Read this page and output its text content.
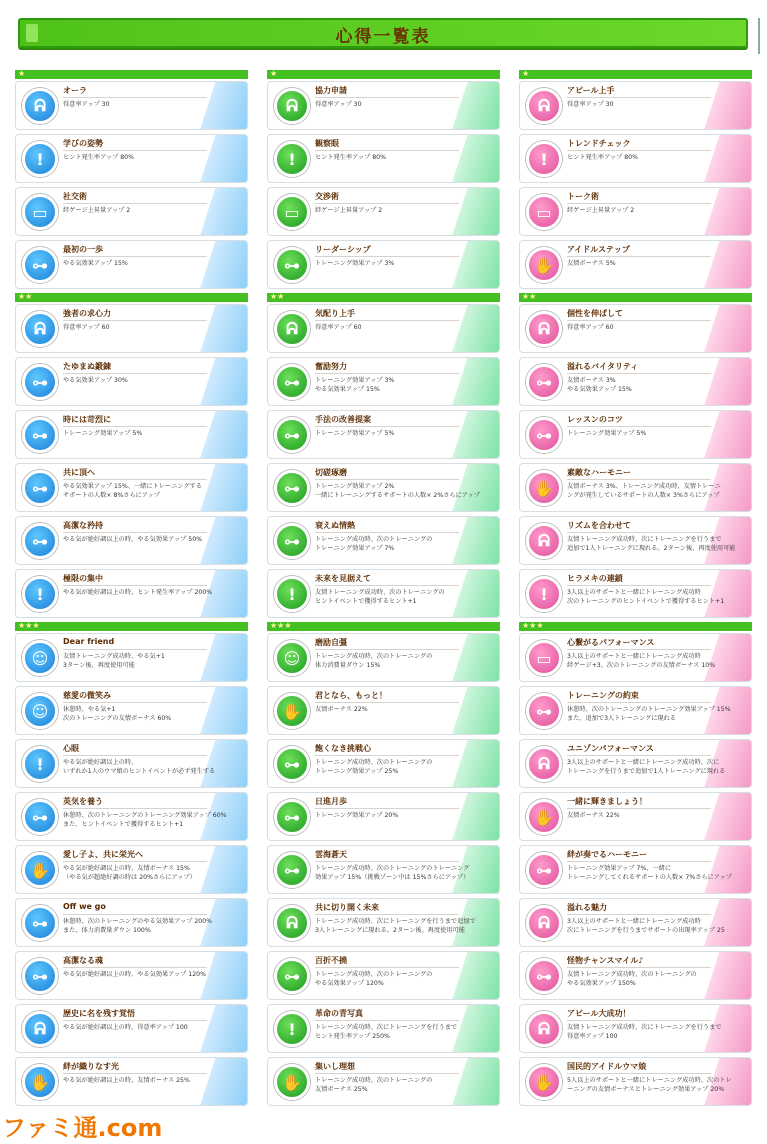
心得一覧表
★
ᕱ
オーラ
得意率アップ 30
!
学びの姿勢
ヒント発生率アップ 80%
▭
社交術
絆ゲージ上昇量アップ 2
⊶
最初の一歩
やる気効果アップ 15%
★★
ᕱ
強者の求心力
得意率アップ 60
⊶
たゆまぬ鍛錬
やる気効果アップ 30%
⊶
時には苛烈に
トレーニング効果アップ 5%
⊶
共に頂へ
やる気効果アップ 15%、一緒にトレーニングする
サポートの人数× 8%さらにアップ
⊶
高潔な矜持
やる気が絶好調以上の時、やる気効果アップ 50%
!
極限の集中
やる気が絶好調以上の時、ヒント発生率アップ 200%
★★★
☺
Dear friend
友情トレーニング成功時、やる気+1
3ターン後、再度使用可能
☺
慈愛の微笑み
休憩時、やる気+1
次のトレーニングの友情ボーナス 60%
!
心眼
やる気が絶好調以上の時、
いずれか1人のウマ娘のヒントイベントが必ず発生する
⊶
英気を養う
休憩時、次のトレーニングのトレーニング効果アップ 60%
また、ヒントイベントで獲得するヒント+1
✋
愛し子よ、共に栄光へ
やる気が絶好調以上の時、友情ボーナス 15%
（やる気が超絶好調の時は 20%さらにアップ）
⊶
Off we go
休憩時、次のトレーニングのやる気効果アップ 200%
また、体力消費量ダウン 100%
⊶
高潔なる魂
やる気が絶好調以上の時、やる気効果アップ 120%
ᕱ
歴史に名を残す覚悟
やる気が絶好調以上の時、得意率アップ 100
✋
絆が織りなす光
やる気が絶好調以上の時、友情ボーナス 25%
★
ᕱ
協力申請
得意率アップ 30
!
観察眼
ヒント発生率アップ 80%
▭
交渉術
絆ゲージ上昇量アップ 2
⊶
リーダーシップ
トレーニング効果アップ 3%
★★
ᕱ
気配り上手
得意率アップ 60
⊶
奮励努力
トレーニング効果アップ 3%
やる気効果アップ 15%
⊶
手法の改善提案
トレーニング効果アップ 5%
⊶
切磋琢磨
トレーニング効果アップ 2%
一緒にトレーニングするサポートの人数× 2%さらにアップ
⊶
衰えぬ情熱
トレーニング成功時、次のトレーニングの
トレーニング効果アップ 7%
!
未来を見据えて
友情トレーニング成功時、次のトレーニングの
ヒントイベントで獲得するヒント+1
★★★
☺
磨励自彊
トレーニング成功時、次のトレーニングの
体力消費量ダウン 15%
✋
君となら、もっと！
友情ボーナス 22%
⊶
飽くなき挑戦心
トレーニング成功時、次のトレーニングの
トレーニング効果アップ 25%
⊶
日進月歩
トレーニング効果アップ 20%
⊶
雲海蒼天
トレーニング成功時、次のトレーニングのトレーニング
効果アップ 15%（挑戦ゾーン中は 15%さらにアップ）
ᕱ
共に切り開く未来
トレーニング成功時、次にトレーニングを行うまで追加で
3人トレーニングに現れる。2ターン後、再度使用可能
⊶
百折不撓
トレーニング成功時、次のトレーニングの
やる気効果アップ 120%
!
革命の青写真
トレーニング成功時、次にトレーニングを行うまで
ヒント発生率アップ 250%
✋
集いし理想
トレーニング成功時、次のトレーニングの
友情ボーナス 25%
★
ᕱ
アピール上手
得意率アップ 30
!
トレンドチェック
ヒント発生率アップ 80%
▭
トーク術
絆ゲージ上昇量アップ 2
✋
アイドルステップ
友情ボーナス 5%
★★
ᕱ
個性を伸ばして
得意率アップ 60
⊶
溢れるバイタリティ
友情ボーナス 3%
やる気効果アップ 15%
⊶
レッスンのコツ
トレーニング効果アップ 5%
✋
素敵なハーモニー
友情ボーナス 3%、トレーニング成功時、友情トレーニ
ングが発生しているサポートの人数× 3%さらにアップ
ᕱ
リズムを合わせて
友情トレーニング成功時、次にトレーニングを行うまで
追加で1人トレーニングに現れる。2ターン後、再度使用可能
!
ヒラメキの連鎖
3人以上のサポートと一緒にトレーニング成功時
次のトレーニングのヒントイベントで獲得するヒント+1
★★★
▭
心繋がるパフォーマンス
3人以上のサポートと一緒にトレーニング成功時
絆ゲージ+3、次のトレーニングの友情ボーナス 10%
⊶
トレーニングの約束
休憩時、次のトレーニングのトレーニング効果アップ 15%
また、追加で3人トレーニングに現れる
ᕱ
ユニゾンパフォーマンス
3人以上のサポートと一緒にトレーニング成功時、次に
トレーニングを行うまで追加で1人トレーニングに現れる
✋
一緒に輝きましょう！
友情ボーナス 22%
⊶
絆が奏でるハーモニー
トレーニング効果アップ 7%、一緒に
トレーニングしてくれるサポートの人数× 7%さらにアップ
ᕱ
溢れる魅力
3人以上のサポートと一緒にトレーニング成功時
次にトレーニングを行うまでサポートの出現率アップ 25
⊶
怪物チャンスマイル♪
友情トレーニング成功時、次のトレーニングの
やる気効果アップ 150%
ᕱ
アピール大成功！
友情トレーニング成功時、次にトレーニングを行うまで
得意率アップ 100
✋
国民的アイドルウマ娘
5人以上のサポートと一緒にトレーニング成功時、次のトレ
ーニングの友情ボーナスとトレーニング効果アップ 20%
ファミ通.com
